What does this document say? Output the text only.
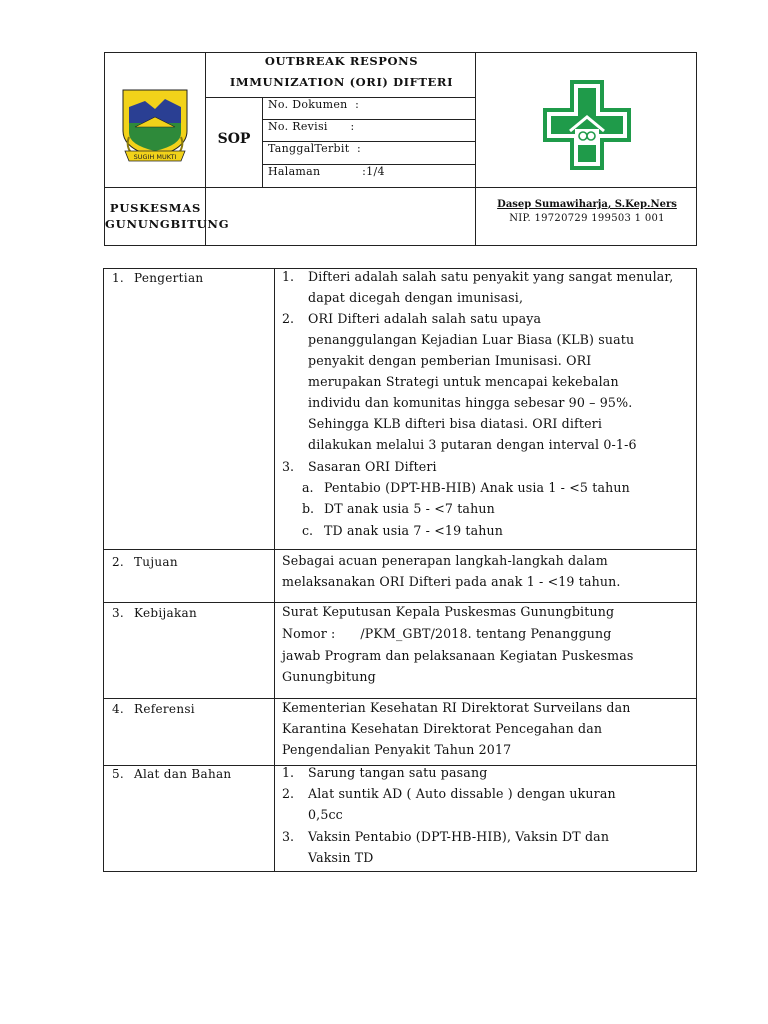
SUGIH MUKTI
OUTBREAK RESPONS
IMMUNIZATION (ORI) DIFTERI
SOP
No. Dokumen  :
No. Revisi      :
TanggalTerbit  :
Halaman           :1/4
PUSKESMAS
GUNUNGBITUNG
Dasep Sumawiharja, S.Kep.Ners
NIP. 19720729 199503 1 001
1. Pengertian	1. Difteri adalah salah satu penyakit yang sangat menular,
dapat dicegah dengan imunisasi,
2. ORI Difteri adalah salah satu upaya
penanggulangan Kejadian Luar Biasa (KLB) suatu
penyakit dengan pemberian Imunisasi. ORI
merupakan Strategi untuk mencapai kekebalan
individu dan komunitas hingga sebesar 90 – 95%.
Sehingga KLB difteri bisa diatasi. ORI difteri
dilakukan melalui 3 putaran dengan interval 0-1-6
3. Sasaran ORI Difteri
a. Pentabio (DPT-HB-HIB) Anak usia 1 - <5 tahun
b. DT anak usia 5 - <7 tahun
c. TD anak usia 7 - <19 tahun
2. Tujuan	Sebagai acuan penerapan langkah-langkah dalam
melaksanakan ORI Difteri pada anak 1 - <19 tahun.
3. Kebijakan	Surat Keputusan Kepala Puskesmas Gunungbitung
Nomor :      /PKM_GBT/2018. tentang Penanggung
jawab Program dan pelaksanaan Kegiatan Puskesmas
Gunungbitung
4. Referensi	Kementerian Kesehatan RI Direktorat Surveilans dan
Karantina Kesehatan Direktorat Pencegahan dan
Pengendalian Penyakit Tahun 2017
5. Alat dan Bahan	1. Sarung tangan satu pasang
2. Alat suntik AD ( Auto dissable ) dengan ukuran
0,5cc
3. Vaksin Pentabio (DPT-HB-HIB), Vaksin DT dan
Vaksin TD
